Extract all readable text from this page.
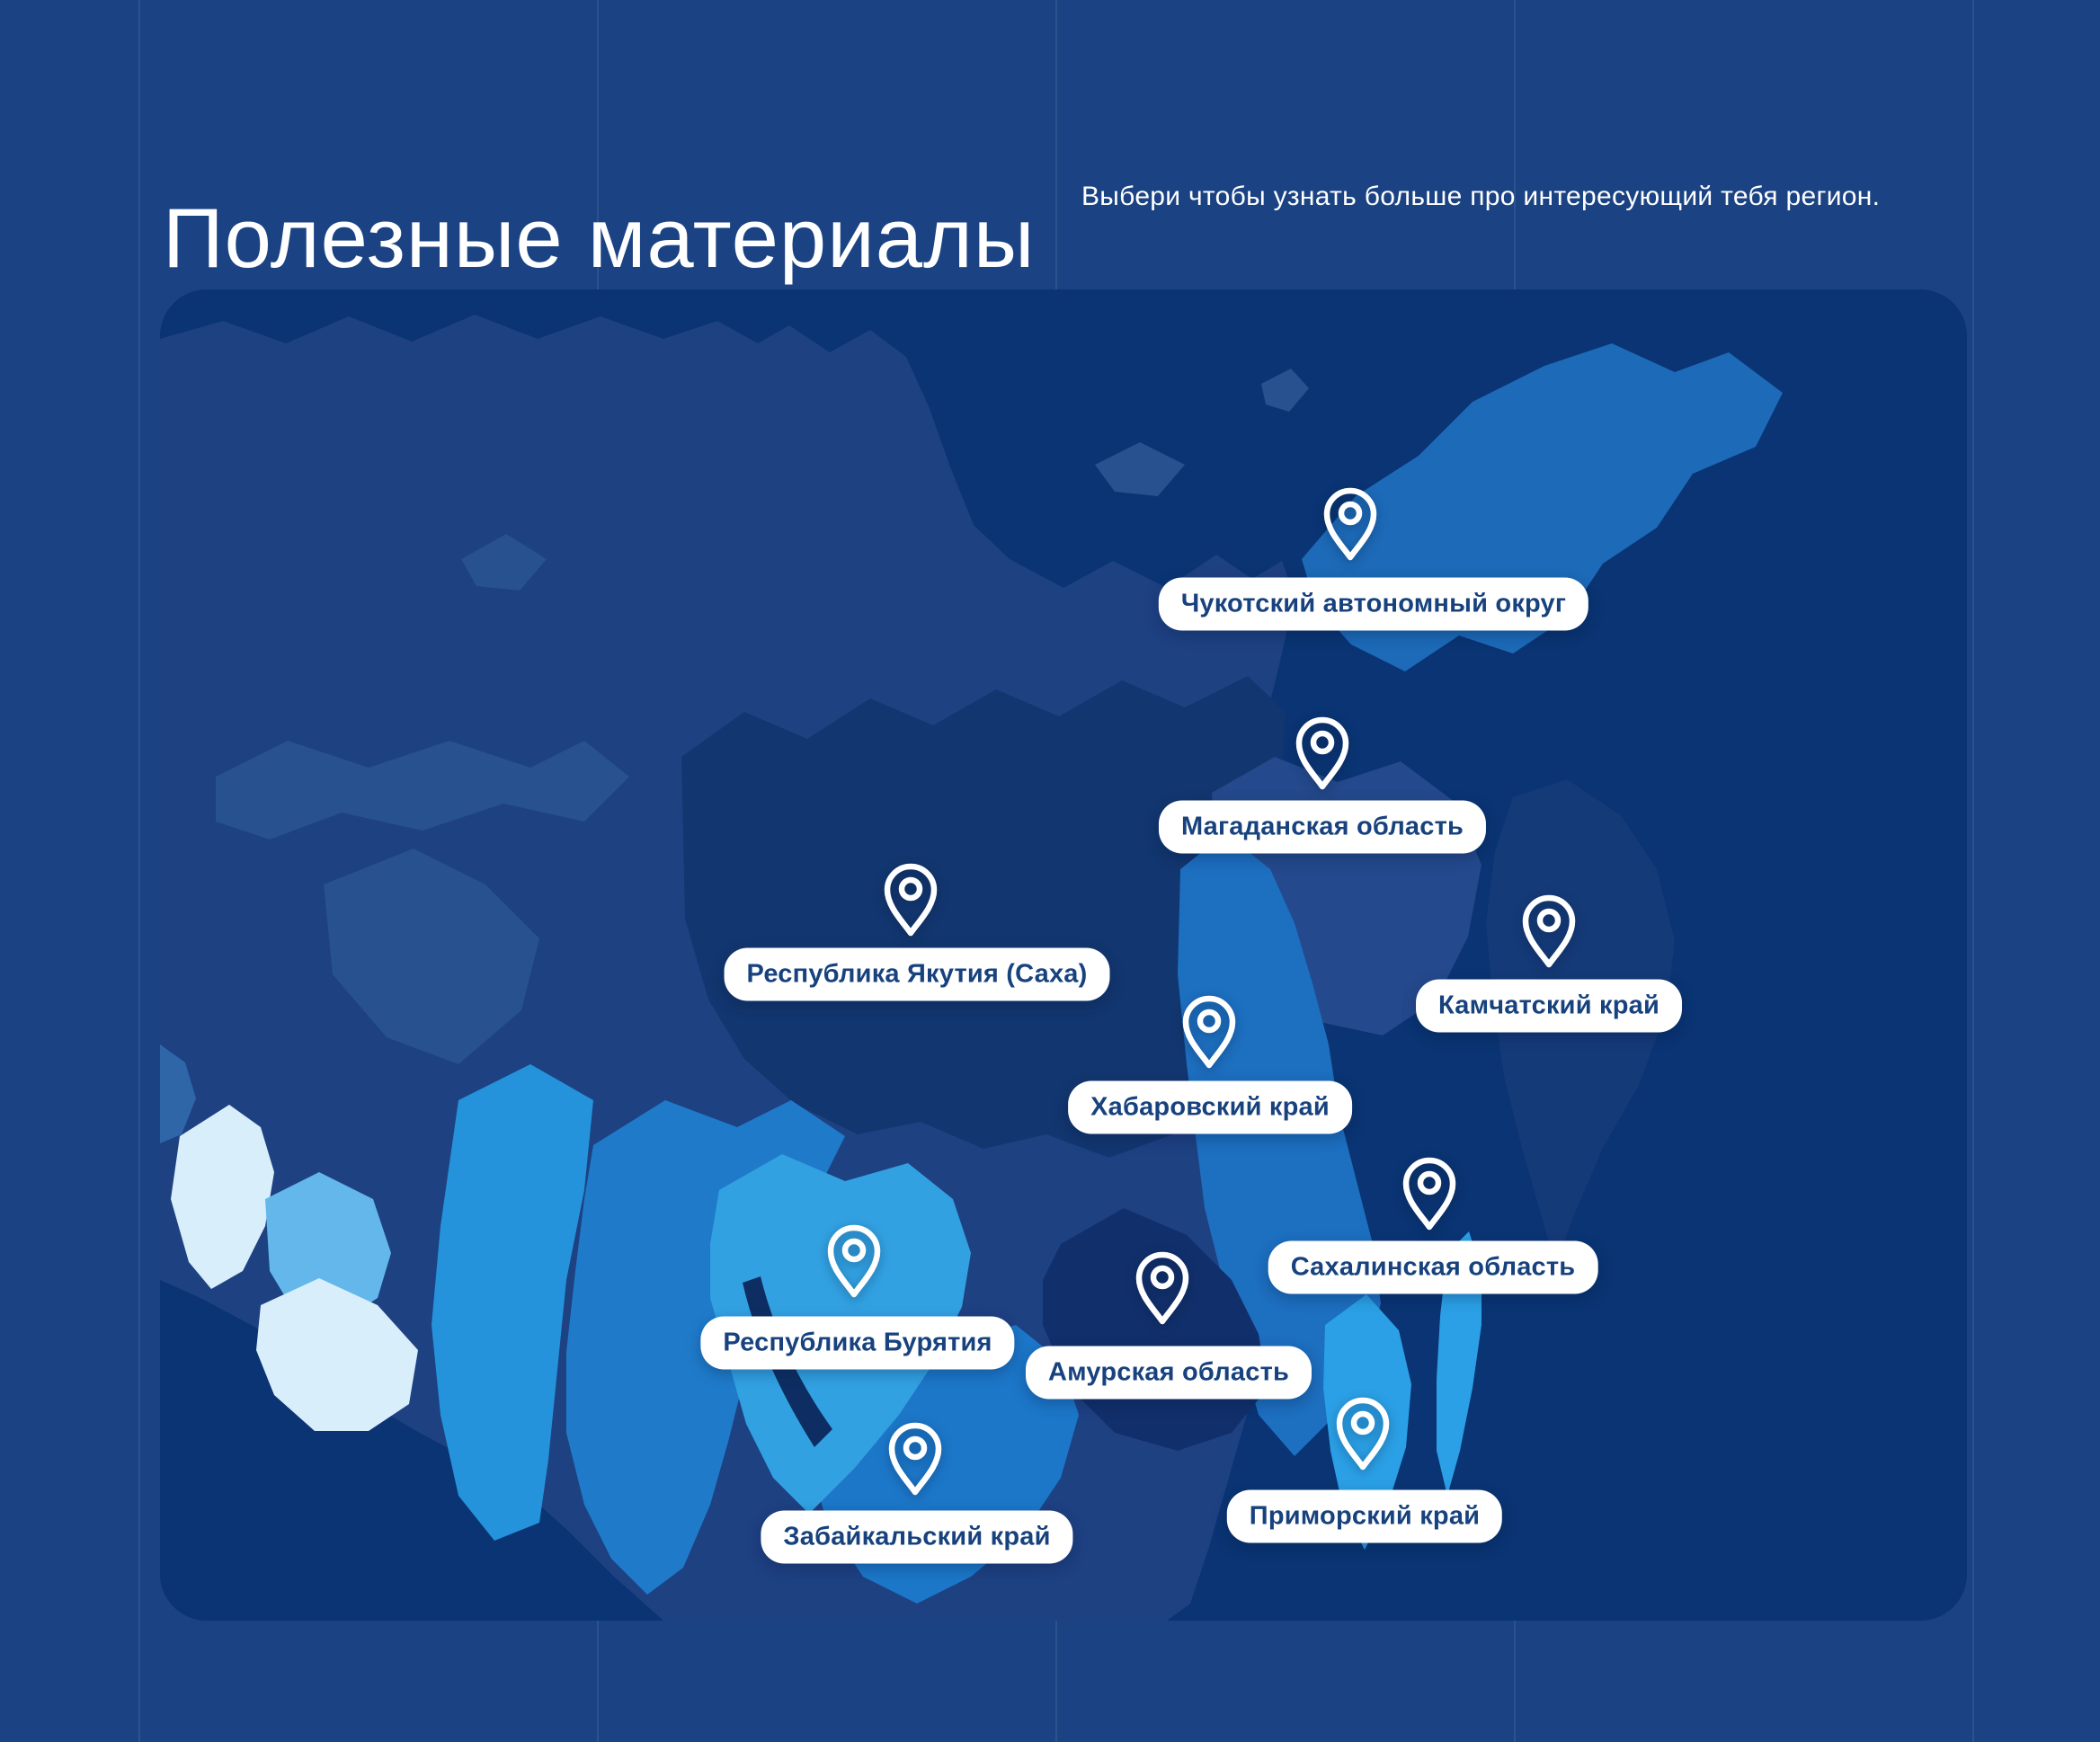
Полезные материалы Выбери чтобы узнать больше про интересующий тебя регион.

Чукотский автономный округ
Магаданская область
Республика Якутия (Саха)
Камчатский край
Хабаровский край
Сахалинская область
Республика Бурятия
Амурская область
Приморский край
Забайкальский край
